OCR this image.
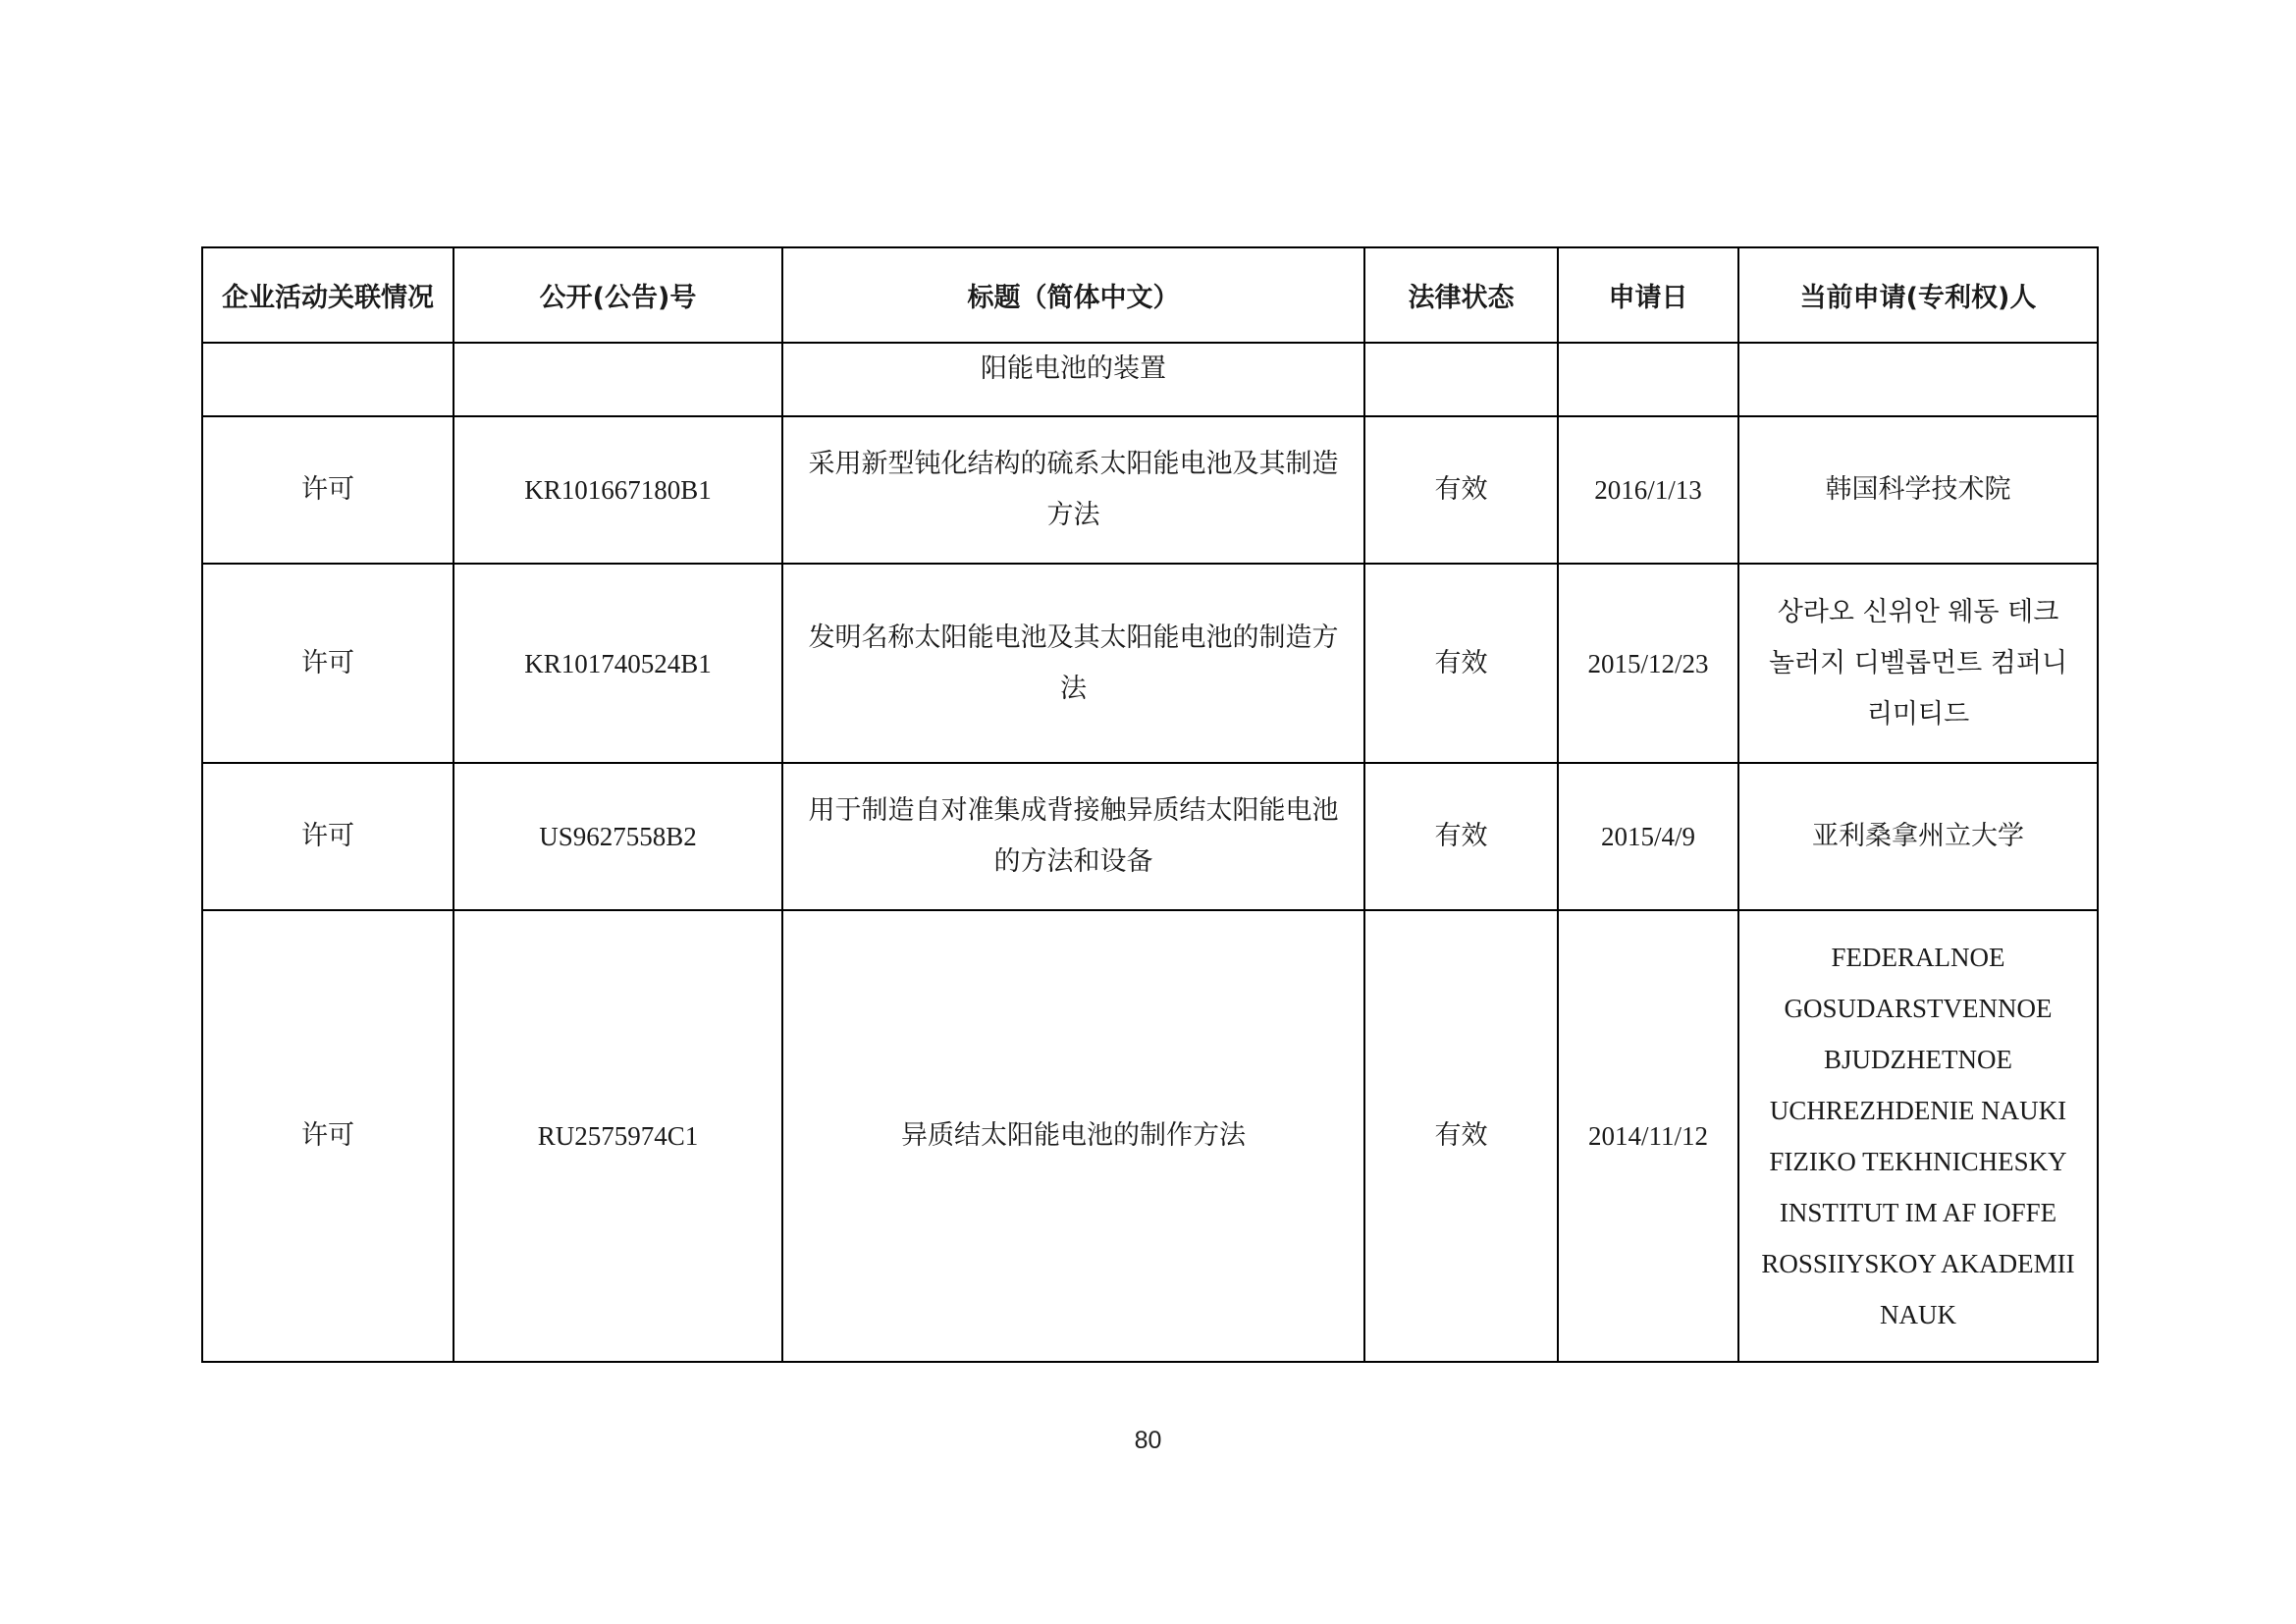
企业活动关联情况	公开(公告)号	标题（简体中文）	法律状态	申请日	当前申请(专利权)人
		阳能电池的装置			
许可	KR101667180B1	采用新型钝化结构的硫系太阳能电池及其制造方法	有效	2016/1/13	韩国科学技术院
许可	KR101740524B1	发明名称太阳能电池及其太阳能电池的制造方法	有效	2015/12/23	상라오 신위안 웨동 테크놀러지 디벨롭먼트 컴퍼니 리미티드
许可	US9627558B2	用于制造自对准集成背接触异质结太阳能电池的方法和设备	有效	2015/4/9	亚利桑拿州立大学
许可	RU2575974C1	异质结太阳能电池的制作方法	有效	2014/11/12	FEDERALNOE GOSUDARSTVENNOE BJUDZHETNOE UCHREZHDENIE NAUKI FIZIKO TEKHNICHESKY INSTITUT IM AF IOFFE ROSSIIYSKOY AKADEMII NAUK
80
